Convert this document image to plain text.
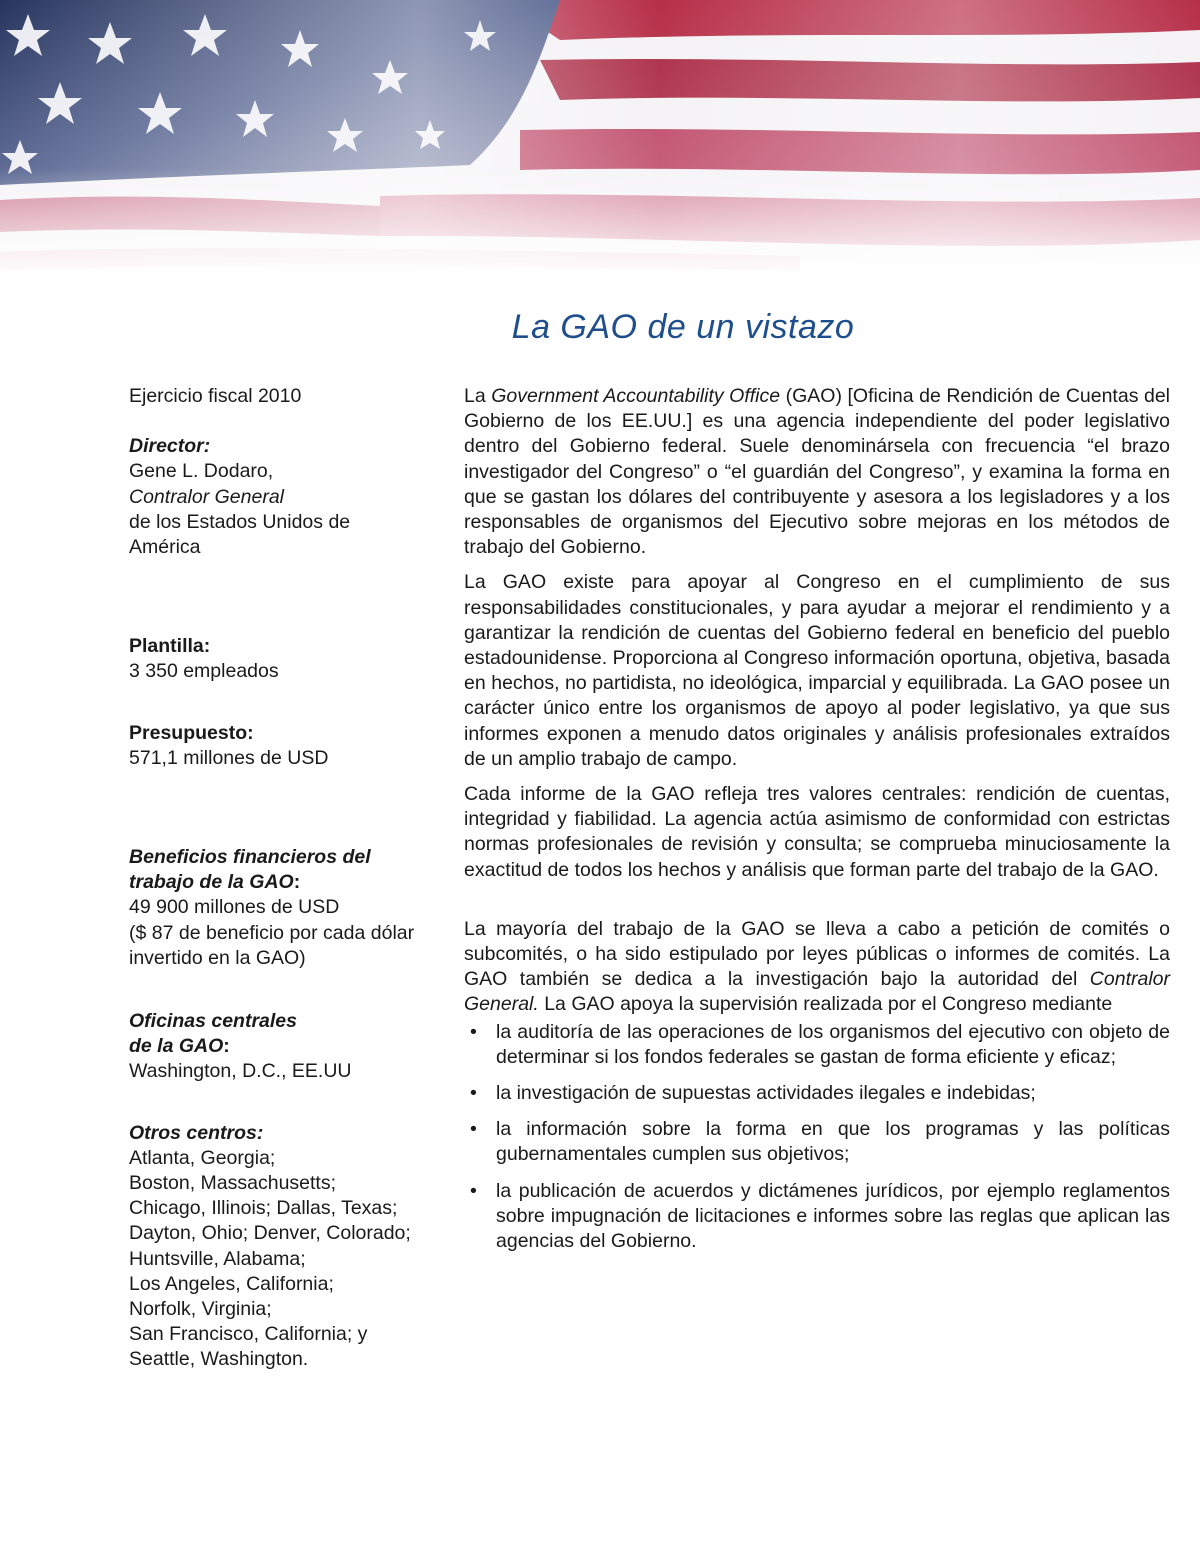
La GAO de un vistazo

Ejercicio fiscal 2010

Director:

Gene L. Dodaro,

Contralor General

de los Estados Unidos de

América

Plantilla:

3 350 empleados

Presupuesto:

571,1 millones de USD

Beneficios financieros del

trabajo de la GAO:

49 900 millones de USD

($ 87 de beneficio por cada dólar

invertido en la GAO)

Oficinas centrales

de la GAO:

Washington, D.C., EE.UU

Otros centros:

Atlanta, Georgia;

Boston, Massachusetts;

Chicago, Illinois; Dallas, Texas;

Dayton, Ohio; Denver, Colorado;

Huntsville, Alabama;

Los Angeles, California;

Norfolk, Virginia;

San Francisco, California; y

Seattle, Washington.

La Government Accountability Office (GAO) [Oficina de Rendición de Cuentas del Gobierno de los EE.UU.] es una agencia independiente del poder legislativo dentro del Gobierno federal. Suele denominársela con frecuencia “el brazo investigador del Congreso” o “el guardián del Congreso”, y examina la forma en que se gastan los dólares del contribuyente y asesora a los legisladores y a los responsables de organismos del Ejecutivo sobre mejoras en los métodos de trabajo del Gobierno.

La GAO existe para apoyar al Congreso en el cumplimiento de sus responsabilidades constitucionales, y para ayudar a mejorar el rendimiento y a garantizar la rendición de cuentas del Gobierno federal en beneficio del pueblo estadounidense. Proporciona al Congreso información oportuna, objetiva, basada en hechos, no partidista, no ideológica, imparcial y equilibrada. La GAO posee un carácter único entre los organismos de apoyo al poder legislativo, ya que sus informes exponen a menudo datos originales y análisis profesionales extraídos de un amplio trabajo de campo.

Cada informe de la GAO refleja tres valores centrales: rendición de cuentas, integridad y fiabilidad. La agencia actúa asimismo de conformidad con estrictas normas profesionales de revisión y consulta; se comprueba minuciosamente la exactitud de todos los hechos y análisis que forman parte del trabajo de la GAO.

La mayoría del trabajo de la GAO se lleva a cabo a petición de comités o subcomités, o ha sido estipulado por leyes públicas o informes de comités. La GAO también se dedica a la investigación bajo la autoridad del Contralor General. La GAO apoya la supervisión realizada por el Congreso mediante

• la auditoría de las operaciones de los organismos del ejecutivo con objeto de determinar si los fondos federales se gastan de forma eficiente y eficaz;
• la investigación de supuestas actividades ilegales e indebidas;
• la información sobre la forma en que los programas y las políticas gubernamentales cumplen sus objetivos;
• la publicación de acuerdos y dictámenes jurídicos, por ejemplo reglamentos sobre impugnación de licitaciones e informes sobre las reglas que aplican las agencias del Gobierno.
